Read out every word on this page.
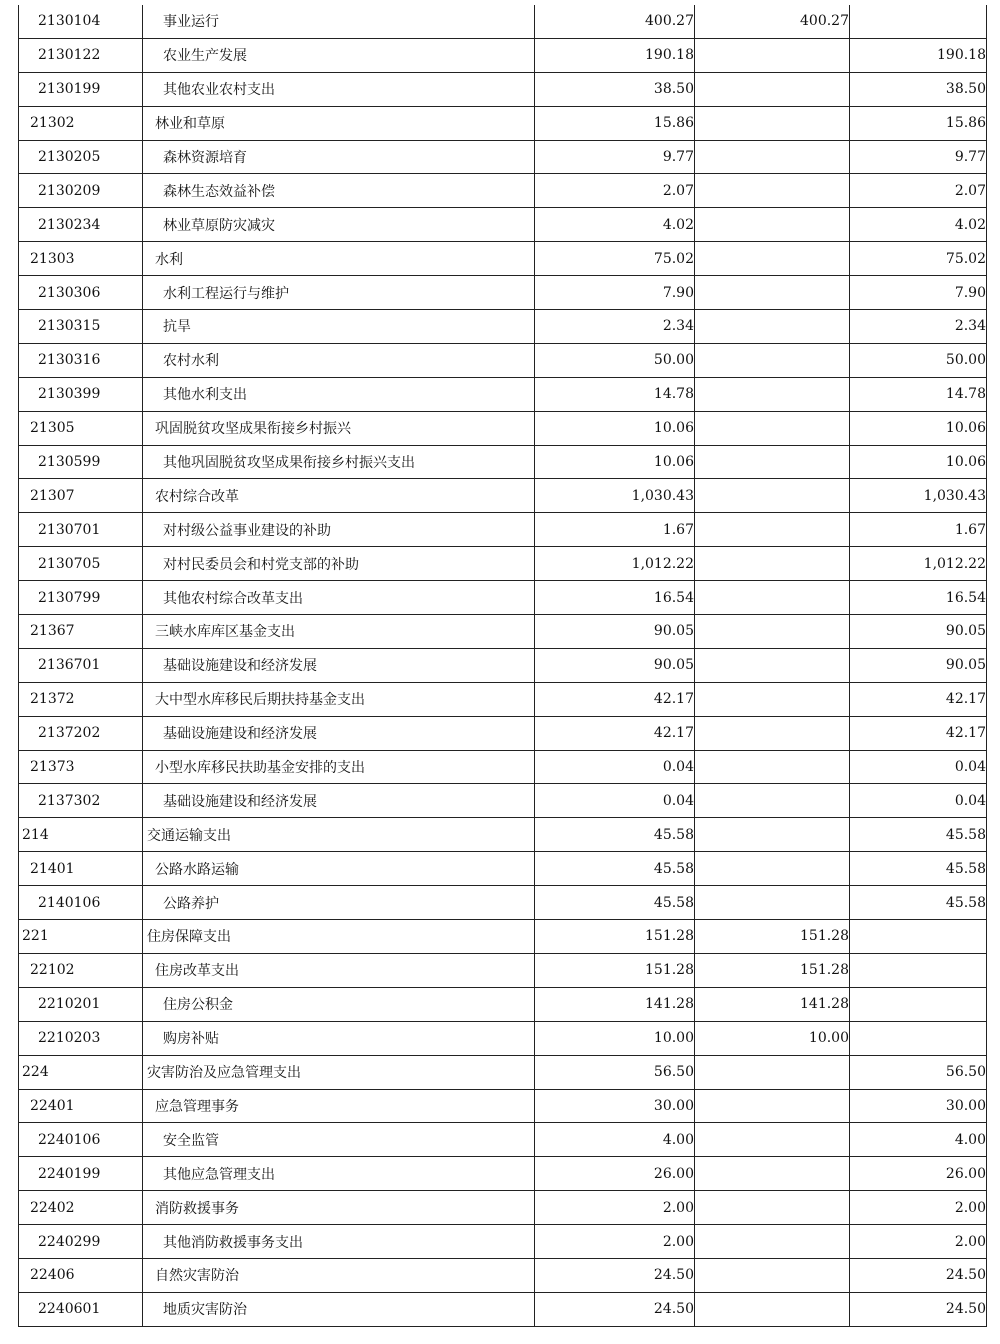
2130104	事业运行	400.27	400.27	
2130122	农业生产发展	190.18		190.18
2130199	其他农业农村支出	38.50		38.50
21302	林业和草原	15.86		15.86
2130205	森林资源培育	9.77		9.77
2130209	森林生态效益补偿	2.07		2.07
2130234	林业草原防灾减灾	4.02		4.02
21303	水利	75.02		75.02
2130306	水利工程运行与维护	7.90		7.90
2130315	抗旱	2.34		2.34
2130316	农村水利	50.00		50.00
2130399	其他水利支出	14.78		14.78
21305	巩固脱贫攻坚成果衔接乡村振兴	10.06		10.06
2130599	其他巩固脱贫攻坚成果衔接乡村振兴支出	10.06		10.06
21307	农村综合改革	1,030.43		1,030.43
2130701	对村级公益事业建设的补助	1.67		1.67
2130705	对村民委员会和村党支部的补助	1,012.22		1,012.22
2130799	其他农村综合改革支出	16.54		16.54
21367	三峡水库库区基金支出	90.05		90.05
2136701	基础设施建设和经济发展	90.05		90.05
21372	大中型水库移民后期扶持基金支出	42.17		42.17
2137202	基础设施建设和经济发展	42.17		42.17
21373	小型水库移民扶助基金安排的支出	0.04		0.04
2137302	基础设施建设和经济发展	0.04		0.04
214	交通运输支出	45.58		45.58
21401	公路水路运输	45.58		45.58
2140106	公路养护	45.58		45.58
221	住房保障支出	151.28	151.28	
22102	住房改革支出	151.28	151.28	
2210201	住房公积金	141.28	141.28	
2210203	购房补贴	10.00	10.00	
224	灾害防治及应急管理支出	56.50		56.50
22401	应急管理事务	30.00		30.00
2240106	安全监管	4.00		4.00
2240199	其他应急管理支出	26.00		26.00
22402	消防救援事务	2.00		2.00
2240299	其他消防救援事务支出	2.00		2.00
22406	自然灾害防治	24.50		24.50
2240601	地质灾害防治	24.50		24.50
